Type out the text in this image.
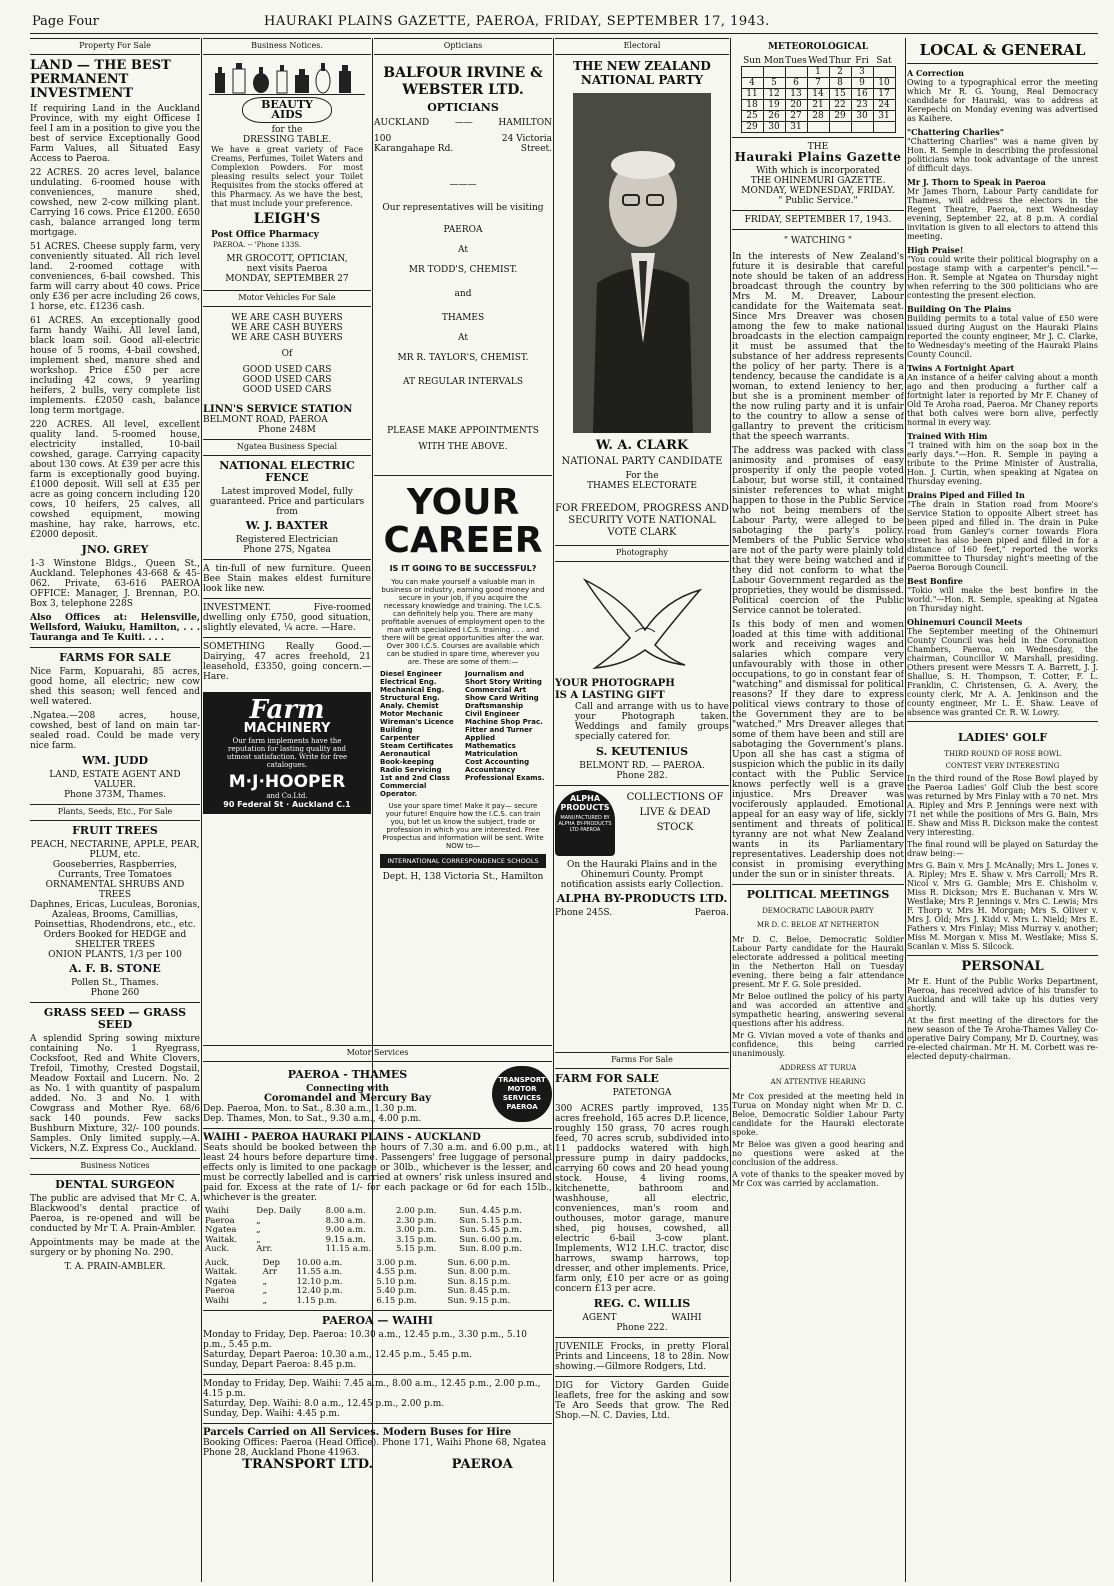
Page Four	HAURAKI PLAINS GAZETTE, PAEROA, FRIDAY, SEPTEMBER 17, 1943.
Property For Sale
LAND — THE BEST PERMANENT INVESTMENT
If requiring Land in the Auckland Province, with my eight Officese I feel I am in a position to give you the best of service Exceptionally Good Farm Values, all Situated Easy Access to Paeroa.
22 ACRES. 20 acres level, balance undulating. 6-roomed house with conveniences, manure shed, cowshed, new 2-cow milking plant. Carrying 16 cows. Price £1200. £650 cash, balance arranged long term mortgage.
51 ACRES. Cheese supply farm, very conveniently situated. All rich level land. 2-roomed cottage with conveniences, 6-bail cowshed. This farm will carry about 40 cows. Price only £36 per acre including 26 cows, 1 horse, etc. £1236 cash.
61 ACRES. An exceptionally good farm handy Waihi. All level land, black loam soil. Good all-electric house of 5 rooms, 4-bail cowshed, implement shed, manure shed and workshop. Price £50 per acre including 42 cows, 9 yearling heifers, 2 bulls, very complete list implements. £2050 cash, balance long term mortgage.
220 ACRES. All level, excellent quality land. 5-roomed house, electricity installed, 10-bail cowshed, garage. Carrying capacity about 130 cows. At £39 per acre this farm is exceptionally good buying. £1000 deposit. Will sell at £35 per acre as going concern including 120 cows, 10 heifers, 25 calves, all cowshed equipment, mowing mashine, hay rake, harrows, etc. £2000 deposit.
JNO. GREY
1-3 Winstone Bldgs., Queen St., Auckland. Telephones 43-668 & 45-062. Private, 63-616 PAEROA OFFICE: Manager, J. Brennan, P.O. Box 3, telephone 228S
Also Offices at: Helensville, Wellsford, Waiuku, Hamilton, . . . Tauranga and Te Kuiti. . . .
FARMS FOR SALE
Nice Farm, Kopuarahi, 85 acres, good home, all electric; new cow shed this season; well fenced and well watered.
.Ngatea.—208 acres, house, cowshed, best of land on main tar-sealed road. Could be made very nice farm.
WM. JUDD
LAND, ESTATE AGENT AND VALUER.
Phone 373M, Thames.
Plants, Seeds, Etc., For Sale
FRUIT TREES
PEACH, NECTARINE, APPLE, PEAR, PLUM, etc.
Gooseberries, Raspberries, Currants, Tree Tomatoes
ORNAMENTAL SHRUBS AND TREES
Daphnes, Ericas, Luculeas, Boronias, Azaleas, Brooms, Camillias, Poinsettias, Rhodendrons, etc., etc.
Orders Booked for HEDGE and SHELTER TREES
ONION PLANTS, 1/3 per 100
A. F. B. STONE
Pollen St., Thames.
Phone 260
GRASS SEED — GRASS SEED
A splendid Spring sowing mixture containing No. 1 Ryegrass, Cocksfoot, Red and White Clovers, Trefoil, Timothy, Crested Dogstail, Meadow Foxtail and Lucern. No. 2 as No. 1 with quantity of paspalum added. No. 3 and No. 1 with Cowgrass and Mother Rye. 68/6 sack 140 pounds. Few sacks Bushburn Mixture, 32/- 100 pounds. Samples. Only limited supply.—A. Vickers, N.Z. Express Co., Auckland.
Business Notices
DENTAL SURGEON
The public are advised that Mr C. A. Blackwood's dental practice of Paeroa, is re-opened and will be conducted by Mr T. A. Prain-Ambler.
Appointments may be made at the surgery or by phoning No. 290.
T. A. PRAIN-AMBLER.
Business Notices.
BEAUTY AIDS
for the
DRESSING TABLE.
We have a great variety of Face Creams, Perfumes, Toilet Waters and Complexion Powders. For most pleasing results select your Toilet Requisites from the stocks offered at this Pharmacy. As we have the best, that must include your preference.
LEIGH'S
Post Office Pharmacy
PAEROA. -- 'Phone 133S.
MR GROCOTT, OPTICIAN,
next visits Paeroa
MONDAY, SEPTEMBER 27
Motor Vehicles For Sale
WE ARE CASH BUYERS
WE ARE CASH BUYERS
WE ARE CASH BUYERS
Of
GOOD USED CARS
GOOD USED CARS
GOOD USED CARS
LINN'S SERVICE STATION
BELMONT ROAD, PAEROA
Phone 248M
Ngatea Business Special
NATIONAL ELECTRIC FENCE
Latest improved Model, fully guaranteed. Price and particulars from
W. J. BAXTER
Registered Electrician
Phone 27S, Ngatea
A tin-full of new furniture. Queen Bee Stain makes eldest furniture look like new.
INVESTMENT. Five-roomed dwelling only £750, good situation, slightly elevated, ¼ acre. —Hare.
SOMETHING Really Good.— Dairying, 47 acres freehold, 21 leasehold, £3350, going concern.—Hare.
Farm
MACHINERY
Our farm implements have the reputation for lasting quality and utmost satisfaction. Write for free catalogues.
M·J·HOOPER
and Co.Ltd.
90 Federal St · Auckland C.1
Opticians
BALFOUR IRVINE & WEBSTER LTD.
OPTICIANS
AUCKLAND	——	HAMILTON
100 Karangahape Rd.
24 Victoria Street.
———
Our representatives will be visiting
PAEROA
At
MR TODD'S, CHEMIST.
and
THAMES
At
MR R. TAYLOR'S, CHEMIST.
AT REGULAR INTERVALS
PLEASE MAKE APPOINTMENTS WITH THE ABOVE.
YOUR
CAREER
IS IT GOING TO BE SUCCESSFUL?
You can make yourself a valuable man in business or industry, earning good money and secure in your job, if you acquire the necessary knowledge and training. The I.C.S. can definitely help you. There are many profitable avenues of employment open to the man with specialized I.C.S. training . . . and there will be great opportunities after the war. Over 300 I.C.S. Courses are available which can be studied in spare time, wherever you are. These are some of them:—
Diesel Engineer
Electrical Eng.
Mechanical Eng.
Structural Eng.
Analy. Chemist
Motor Mechanic
Wireman's Licence
Building
Carpenter
Steam Certificates
Aeronautical
Book-keeping
Radio Servicing
1st and 2nd Class Commercial Operator.
Journalism and
Short Story Writing
Commercial Art
Show Card Writing
Draftsmanship
Civil Engineer
Machine Shop Prac.
Fitter and Turner
Applied Mathematics
Matriculation
Cost Accounting
Accountancy
Professional Exams.
Use your spare time! Make it pay— secure your future! Enquire how the I.C.S. can train you, but let us know the subject, trade or profession in which you are interested. Free Prospectus and information will be sent. Write NOW to—
INTERNATIONAL CORRESPONDENCE SCHOOLS
Dept. H, 138 Victoria St., Hamilton
Electoral
THE NEW ZEALAND NATIONAL PARTY
W. A. CLARK
NATIONAL PARTY CANDIDATE
For the
THAMES ELECTORATE
FOR FREEDOM, PROGRESS AND SECURITY VOTE NATIONAL VOTE CLARK
Photography
YOUR PHOTOGRAPH IS A LASTING GIFT
Call and arrange with us to have your Photograph taken. Weddings and family groups specially catered for.
S. KEUTENIUS
BELMONT RD. — PAEROA.
Phone 282.
ALPHA PRODUCTS
MANUFACTURED BY ALPHA BY-PRODUCTS LTD PAEROA
COLLECTIONS OF LIVE & DEAD STOCK
On the Hauraki Plains and in the Ohinemuri County. Prompt notification assists early Collection.
ALPHA BY-PRODUCTS LTD.
Phone 245S.	Paeroa.
Motor Services
PAEROA - THAMES
Connecting with
Coromandel and Mercury Bay
Dep. Paeroa, Mon. to Sat., 8.30 a.m., 1.30 p.m.
Dep. Thames, Mon. to Sat., 9.30 a.m., 4.00 p.m.
TRANSPORT MOTOR SERVICES PAEROA
WAIHI - PAEROA HAURAKI PLAINS - AUCKLAND
Seats should be booked between the hours of 7.30 a.m. and 6.00 p.m., at least 24 hours before departure time. Passengers' free luggage of personal effects only is limited to one package or 30lb., whichever is the lesser, and must be correctly labelled and is carried at owners' risk unless insured and paid for. Excess at the rate of 1/- for each package or 6d for each 15lb., whichever is the greater.
Waihi	Dep. Daily	8.00 a.m.	2.00 p.m.	Sun. 4.45 p.m.
Paeroa	„	8.30 a.m.	2.30 p.m.	Sun. 5.15 p.m.
Ngatea	„	9.00 a.m.	3.00 p.m.	Sun. 5.45 p.m.
Waitak.	„	9.15 a.m.	3.15 p.m.	Sun. 6.00 p.m.
Auck.	Arr.	11.15 a.m.	5.15 p.m.	Sun. 8.00 p.m.
Auck.	Dep	10.00 a.m.	3.00 p.m.	Sun. 6.00 p.m.
Waitak.	Arr	11.55 a.m.	4.55 p.m.	Sun. 8.00 p.m.
Ngatea	„	12.10 p.m.	5.10 p.m.	Sun. 8.15 p.m.
Paeroa	„	12.40 p.m.	5.40 p.m.	Sun. 8.45 p.m.
Waihi	„	1.15 p.m.	6.15 p.m.	Sun. 9.15 p.m.
PAEROA — WAIHI
Monday to Friday, Dep. Paeroa: 10.30 a.m., 12.45 p.m., 3.30 p.m., 5.10 p.m., 5.45 p.m.
Saturday, Depart Paeroa: 10.30 a.m., 12.45 p.m., 5.45 p.m.
Sunday, Depart Paeroa: 8.45 p.m.
Monday to Friday, Dep. Waihi: 7.45 a.m., 8.00 a.m., 12.45 p.m., 2.00 p.m., 4.15 p.m.
Saturday, Dep. Waihi: 8.0 a.m., 12.45 p.m., 2.00 p.m.
Sunday, Dep. Waihi: 4.45 p.m.
Parcels Carried on All Services. Modern Buses for Hire
Booking Offices: Paeroa (Head Office). Phone 171, Waihi Phone 68, Ngatea Phone 28, Auckland Phone 41963.
TRANSPORT LTD.	PAEROA
Farms For Sale
FARM FOR SALE
PATETONGA
300 ACRES partly improved, 135 acres freehold, 165 acres D.P. licence, roughly 150 grass, 70 acres rough feed, 70 acres scrub, subdivided into 11 paddocks watered with high pressure pump in dairy paddocks, carrying 60 cows and 20 head young stock. House, 4 living rooms, kitchenette, bathroom and washhouse, all electric, conveniences, man's room and outhouses, motor garage, manure shed, pig houses, cowshed, all electric 6-bail 3-cow plant. Implements, W12 I.H.C. tractor, disc harrows, swamp harrows, top dresser, and other implements. Price, farm only, £10 per acre or as going concern £13 per acre.
REG. C. WILLIS
AGENT	WAIHI
Phone 222.
JUVENILE Frocks, in pretty Floral Prints and Linceens, 18 to 28in. Now showing.—Gilmore Rodgers, Ltd.
DIG for Victory Garden Guide leaflets, free for the asking and sow Te Aro Seeds that grow. The Red Shop.—N. C. Davies, Ltd.
METEOROLOGICAL
Sun	Mon	Tues	Wed	Thur	Fri	Sat
			1	2	3	
4	5	6	7	8	9	10
11	12	13	14	15	16	17
18	19	20	21	22	23	24
25	26	27	28	29	30	31
29	30	31				
THE
Hauraki Plains Gazette
With which is incorporated
THE OHINEMURI GAZETTE.
MONDAY, WEDNESDAY, FRIDAY.
" Public Service."
FRIDAY, SEPTEMBER 17, 1943.
" WATCHING "
In the interests of New Zealand's future it is desirable that careful note should be taken of an address broadcast through the country by Mrs M. M. Dreaver, Labour candidate for the Waitemata seat. Since Mrs Dreaver was chosen among the few to make national broadcasts in the election campaign it must be assumed that the substance of her address represents the policy of her party. There is a tendency, because the candidate is a woman, to extend leniency to her, but she is a prominent member of the now ruling party and it is unfair to the country to allow a sense of gallantry to prevent the criticism that the speech warrants.
The address was packed with class animosity and promises of easy prosperity if only the people voted Labour, but worse still, it contained sinister references to what might happen to those in the Public Service who not being members of the Labour Party, were alleged to be sabotaging the party's policy. Members of the Public Service who are not of the party were plainly told that they were being watched and if they did not conform to what the Labour Government regarded as the proprieties, they would be dismissed. Political coercion of the Public Service cannot be tolerated.
Is this body of men and women loaded at this time with additional work and receiving wages and salaries which compare very unfavourably with those in other occupations, to go in constant fear of "watching" and dismissal for political reasons? If they dare to express political views contrary to those of the Government they are to be "watched." Mrs Dreaver alleges that some of them have been and still are sabotaging the Government's plans. Upon all she has cast a stigma of suspicion which the public in its daily contact with the Public Service knows perfectly well is a grave injustice. Mrs Dreaver was vociferously applauded. Emotional appeal for an easy way of life, sickly sentiment and threats of political tyranny are not what New Zealand wants in its Parliamentary representatives. Leadership does not consist in promising everything under the sun or in sinister threats.
POLITICAL MEETINGS
DEMOCRATIC LABOUR PARTY
MR D. C. BELOE AT NETHERTON
Mr D. C. Beloe, Democratic Soldier Labour Party candidate for the Hauraki electorate addressed a political meeting in the Netherton Hall on Tuesday evening, there being a fair attendance present. Mr F. G. Sole presided.
Mr Beloe outlined the policy of his party and was accorded an attentive and sympathetic hearing, answering several questions after his address.
Mr G. Vivian moved a vote of thanks and confidence, this being carried unanimously.
ADDRESS AT TURUA
AN ATTENTIVE HEARING
Mr Cox presided at the meeting held in Turua on Monday night when Mr D. C. Beloe, Democratic Soldier Labour Party candidate for the Hauraki electorate spoke.
Mr Beloe was given a good hearing and no questions were asked at the conclusion of the address.
A vote of thanks to the speaker moved by Mr Cox was carried by acclamation.
LOCAL & GENERAL
A Correction
Owing to a typographical error the meeting which Mr R. G. Young, Real Democracy candidate for Hauraki, was to address at Kerepechi on Monday evening was advertised as Kaihere.
"Chattering Charlies"
"Chattering Charlies" was a name given by Hon. R. Semple in describing the professional politicians who took advantage of the unrest of difficult days.
Mr J. Thorn to Speak in Paeroa
Mr James Thorn, Labour Party candidate for Thames, will address the electors in the Regent Theatre, Paeroa, next Wednesday evening, September 22, at 8 p.m. A cordial invitation is given to all electors to attend this meeting.
High Praise!
"You could write their political biography on a postage stamp with a carpenter's pencil."—Hon. R. Semple at Ngatea on Thursday night when referring to the 300 politicians who are contesting the present election.
Building On The Plains
Building permits to a total value of £50 were issued during August on the Hauraki Plains reported the county engineer, Mr J. C. Clarke, to Wednesday's meeting of the Hauraki Plains County Council.
Twins A Fortnight Apart
An instance of a heifer calving about a month ago and then producing a further calf a fortnight later is reported by Mr F. Chaney of Old Te Aroha road, Paeroa. Mr Chaney reports that both calves were born alive, perfectly normal in every way.
Trained With Him
"I trained with him on the soap box in the early days."—Hon. R. Semple in paying a tribute to the Prime Minister of Australia, Hon. J. Curtin, when speaking at Ngatea on Thursday evening.
Drains Piped and Filled In
"The drain in Station road from Moore's Service Station to opposite Albert street has been piped and filled in. The drain in Puke road from Ganley's corner towards Flora street has also been piped and filled in for a distance of 160 feet," reported the works committee to Thursday night's meeting of the Paeroa Borough Council.
Best Bonfire
"Tokio will make the best bonfire in the world."—Hon. R. Semple, speaking at Ngatea on Thursday night.
Ohinemuri Council Meets
The September meeting of the Ohinemuri County Council was held in the Coronation Chambers, Paeroa, on Wednesday, the chairman, Councillor W. Marshall, presiding. Others present were Messrs T. A. Barrett, J. J. Shallue, S. H. Thompson, T. Cotter, F. L. Franklin, C. Christensen, G. A. Avery, the county clerk, Mr A. A. Jenkinson and the county engineer, Mr L. E. Shaw. Leave of absence was granted Cr. R. W. Lowry.
LADIES' GOLF
THIRD ROUND OF ROSE BOWL
CONTEST VERY INTERESTING
In the third round of the Rose Bowl played by the Paeroa Ladies' Golf Club the best score was returned by Mrs Finlay with a 70 net. Mrs A. Ripley and Mrs P. Jennings were next with 71 net while the positions of Mrs G. Bain, Mrs E. Shaw and Miss R. Dickson make the contest very interesting.
The final round will be played on Saturday the draw being:—
Mrs G. Bain v. Mrs J. McAnally; Mrs L. Jones v. A. Ripley; Mrs E. Shaw v. Mrs Carroll; Mrs R. Nicol v. Mrs G. Gamble; Mrs E. Chisholm v. Miss R. Dickson; Mrs E. Buchanan v. Mrs W. Westlake; Mrs P. Jennings v. Mrs C. Lewis; Mrs F. Thorp v. Mrs H. Morgan; Mrs S. Oliver v. Mrs J. Old; Mrs J. Kidd v. Mrs L. Nield; Mrs E. Fathers v. Mrs Finlay; Miss Murray v. another; Miss M. Morgan v. Miss M. Westlake; Miss S. Scanlan v. Miss S. Silcock.
PERSONAL
Mr E. Hunt of the Public Works Department, Paeroa, has received advice of his transfer to Auckland and will take up his duties very shortly.
At the first meeting of the directors for the new season of the Te Aroha-Thames Valley Co-operative Dairy Company, Mr D. Courtney, was re-elected chairman. Mr H. M. Corbett was re-elected deputy-chairman.
